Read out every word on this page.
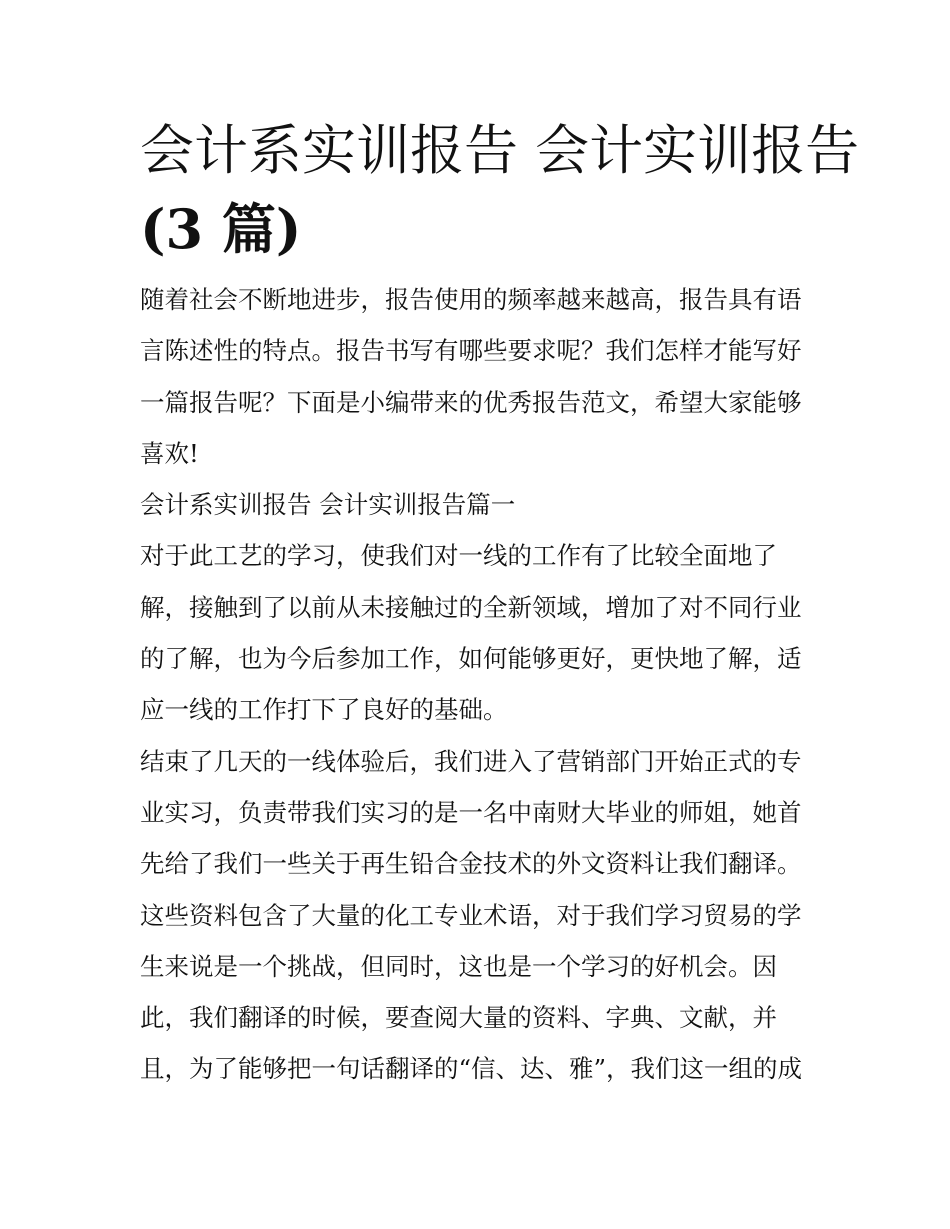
会计系实训报告 会计实训报告
(3 篇)
随着社会不断地进步，报告使用的频率越来越高，报告具有语
言陈述性的特点。报告书写有哪些要求呢？我们怎样才能写好
一篇报告呢？下面是小编带来的优秀报告范文，希望大家能够
喜欢!
会计系实训报告 会计实训报告篇一
对于此工艺的学习，使我们对一线的工作有了比较全面地了
解，接触到了以前从未接触过的全新领域，增加了对不同行业
的了解，也为今后参加工作，如何能够更好，更快地了解，适
应一线的工作打下了良好的基础。
结束了几天的一线体验后，我们进入了营销部门开始正式的专
业实习，负责带我们实习的是一名中南财大毕业的师姐，她首
先给了我们一些关于再生铅合金技术的外文资料让我们翻译。
这些资料包含了大量的化工专业术语，对于我们学习贸易的学
生来说是一个挑战，但同时，这也是一个学习的好机会。因
此，我们翻译的时候，要查阅大量的资料、字典、文献，并
且，为了能够把一句话翻译的“信、达、雅”，我们这一组的成
